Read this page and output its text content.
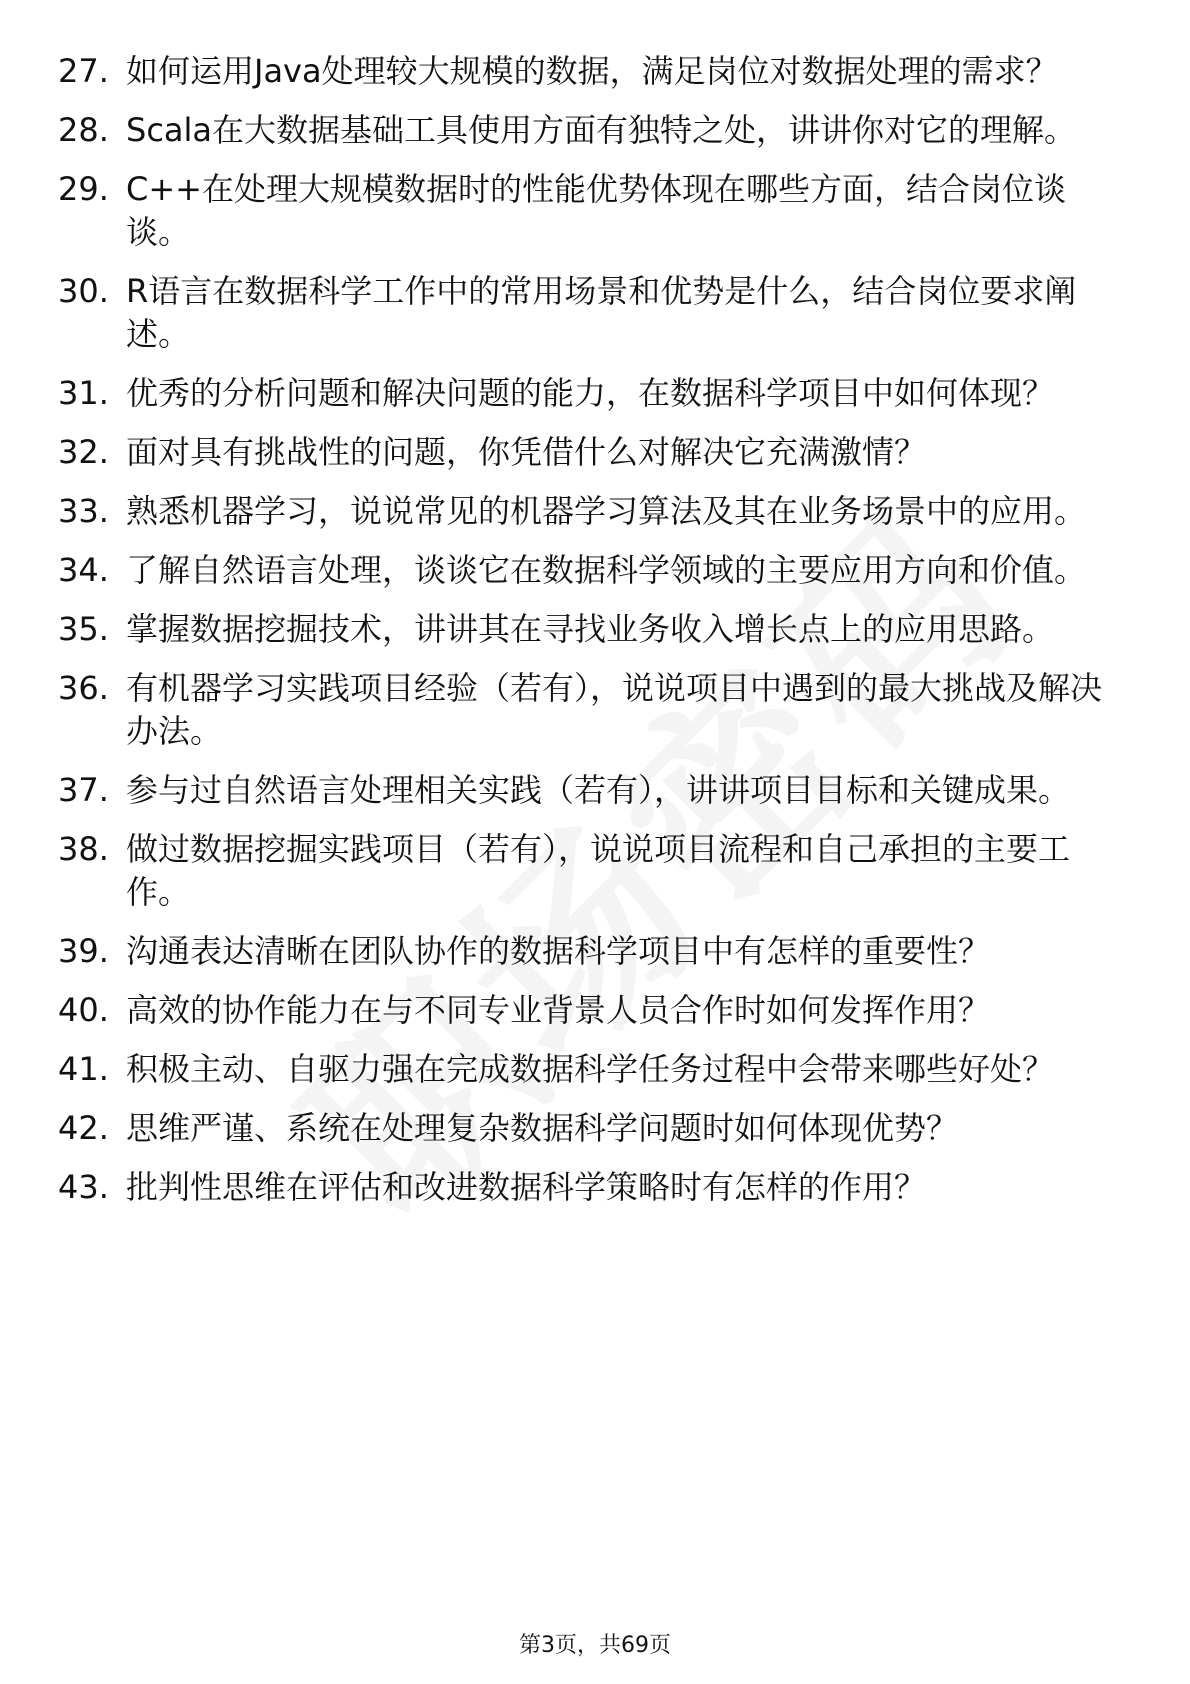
27. 如何运用Java处理较大规模的数据，满足岗位对数据处理的需求？
28. Scala在大数据基础工具使用方面有独特之处，讲讲你对它的理解。
29. C++在处理大规模数据时的性能优势体现在哪些方面，结合岗位谈谈。
30. R语言在数据科学工作中的常用场景和优势是什么，结合岗位要求阐述。
31. 优秀的分析问题和解决问题的能力，在数据科学项目中如何体现？
32. 面对具有挑战性的问题，你凭借什么对解决它充满激情？
33. 熟悉机器学习，说说常见的机器学习算法及其在业务场景中的应用。
34. 了解自然语言处理，谈谈它在数据科学领域的主要应用方向和价值。
35. 掌握数据挖掘技术，讲讲其在寻找业务收入增长点上的应用思路。
36. 有机器学习实践项目经验（若有），说说项目中遇到的最大挑战及解决办法。
37. 参与过自然语言处理相关实践（若有），讲讲项目目标和关键成果。
38. 做过数据挖掘实践项目（若有），说说项目流程和自己承担的主要工作。
39. 沟通表达清晰在团队协作的数据科学项目中有怎样的重要性？
40. 高效的协作能力在与不同专业背景人员合作时如何发挥作用？
41. 积极主动、自驱力强在完成数据科学任务过程中会带来哪些好处？
42. 思维严谨、系统在处理复杂数据科学问题时如何体现优势？
43. 批判性思维在评估和改进数据科学策略时有怎样的作用？
第3页，共69页
